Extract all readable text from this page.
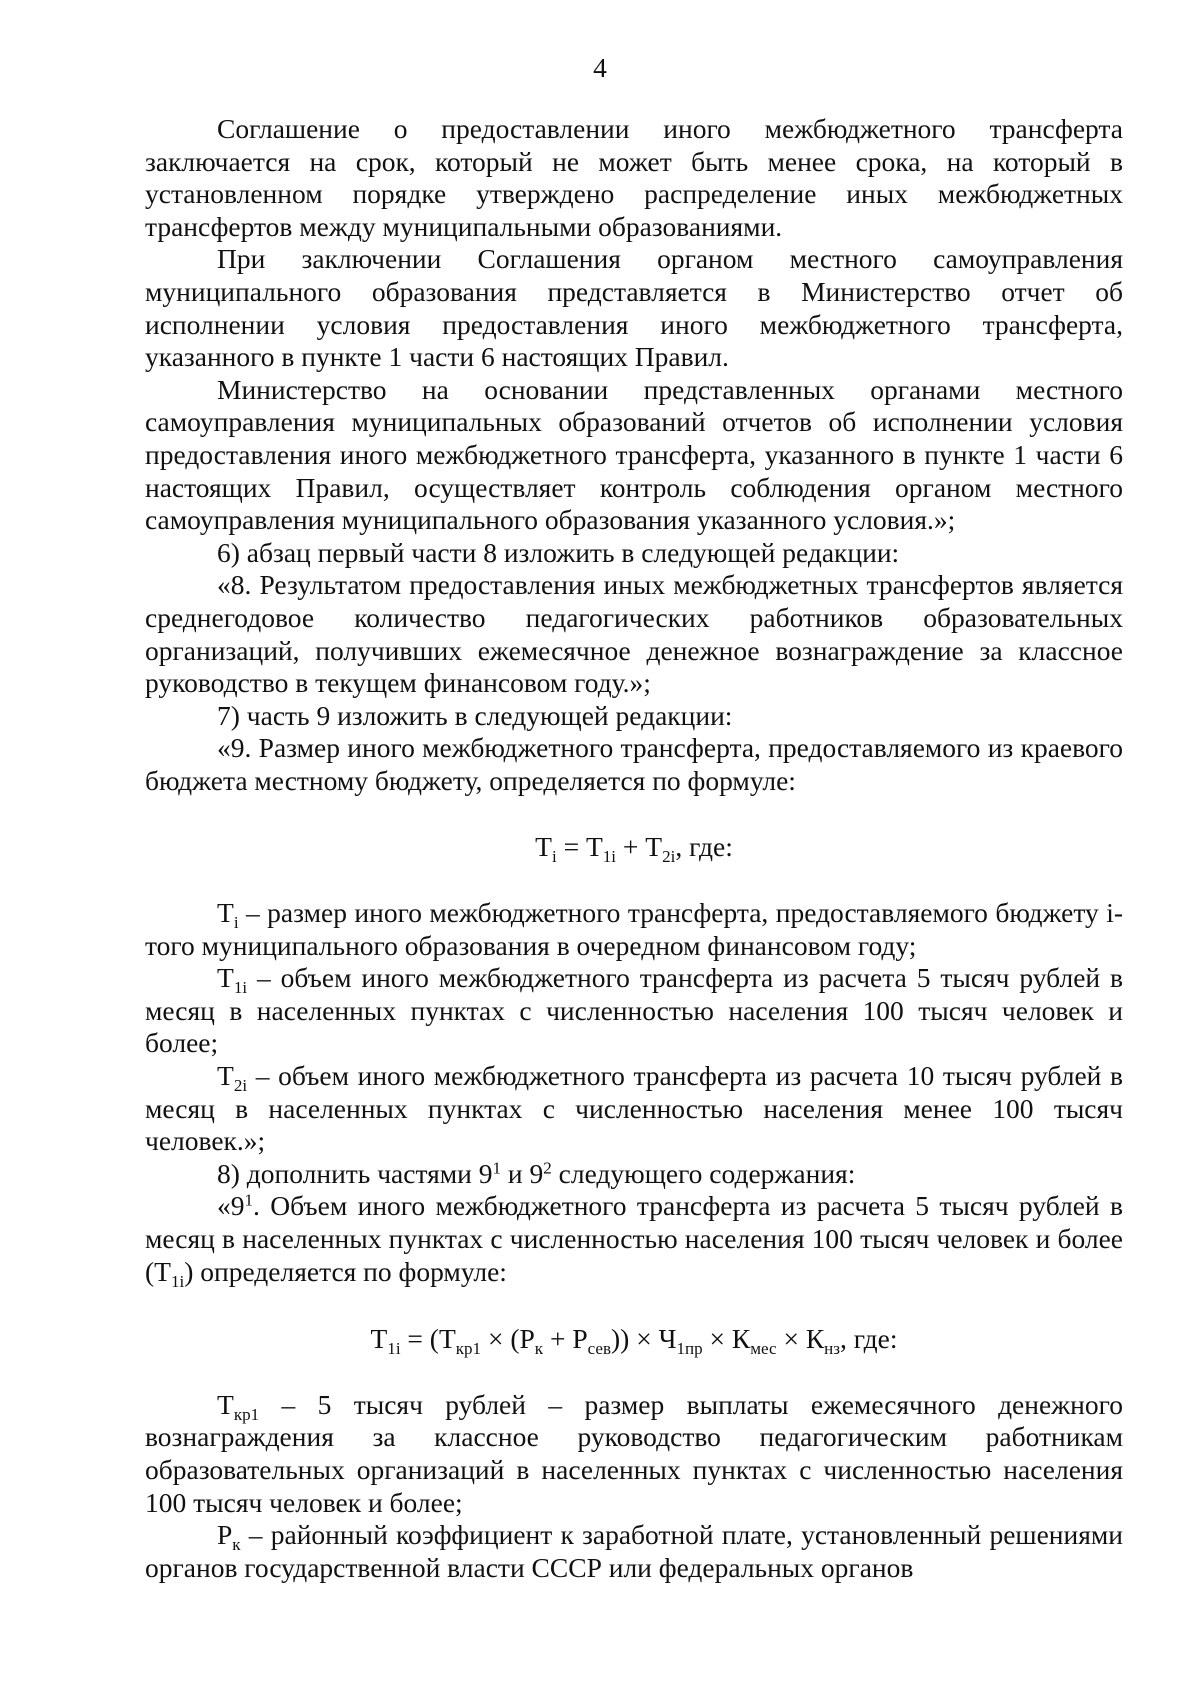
4

Соглашение о предоставлении иного межбюджетного трансферта заключается на срок, который не может быть менее срока, на который в установленном порядке утверждено распределение иных межбюджетных трансфертов между муниципальными образованиями.

При заключении Соглашения органом местного самоуправления муниципального образования представляется в Министерство отчет об исполнении условия предоставления иного межбюджетного трансферта, указанного в пункте 1 части 6 настоящих Правил.

Министерство на основании представленных органами местного самоуправления муниципальных образований отчетов об исполнении условия предоставления иного межбюджетного трансферта, указанного в пункте 1 части 6 настоящих Правил, осуществляет контроль соблюдения органом местного самоуправления муниципального образования указанного условия.»;

6) абзац первый части 8 изложить в следующей редакции:

«8. Результатом предоставления иных межбюджетных трансфертов является среднегодовое количество педагогических работников образовательных организаций, получивших ежемесячное денежное вознаграждение за классное руководство в текущем финансовом году.»;

7) часть 9 изложить в следующей редакции:

«9. Размер иного межбюджетного трансферта, предоставляемого из краевого бюджета местному бюджету, определяется по формуле:

$Т_i = Т_{1i} + Т_{2i}$, где:

$Т_i$ – размер иного межбюджетного трансферта, предоставляемого бюджету i-того муниципального образования в очередном финансовом году;

$Т_{1i}$ – объем иного межбюджетного трансферта из расчета 5 тысяч рублей в месяц в населенных пунктах с численностью населения 100 тысяч человек и более;

$Т_{2i}$ – объем иного межбюджетного трансферта из расчета 10 тысяч рублей в месяц в населенных пунктах с численностью населения менее 100 тысяч человек.»;

8) дополнить частями $9^1$ и $9^2$ следующего содержания:

«$9^1$. Объем иного межбюджетного трансферта из расчета 5 тысяч рублей в месяц в населенных пунктах с численностью населения 100 тысяч человек и более $(Т_{1i})$ определяется по формуле:

$Т_{1i} = (Т_{кр1} \times (Р_к + Р_{сев})) \times Ч_{1пр} \times К_{мес} \times К_{нз}$, где:

$Т_{кр1} - 5$ тысяч рублей – размер выплаты ежемесячного денежного вознаграждения за классное руководство педагогическим работникам образовательных организаций в населенных пунктах с численностью населения 100 тысяч человек и более;

$Р_к$ – районный коэффициент к заработной плате, установленный решениями органов государственной власти СССР или федеральных органов
